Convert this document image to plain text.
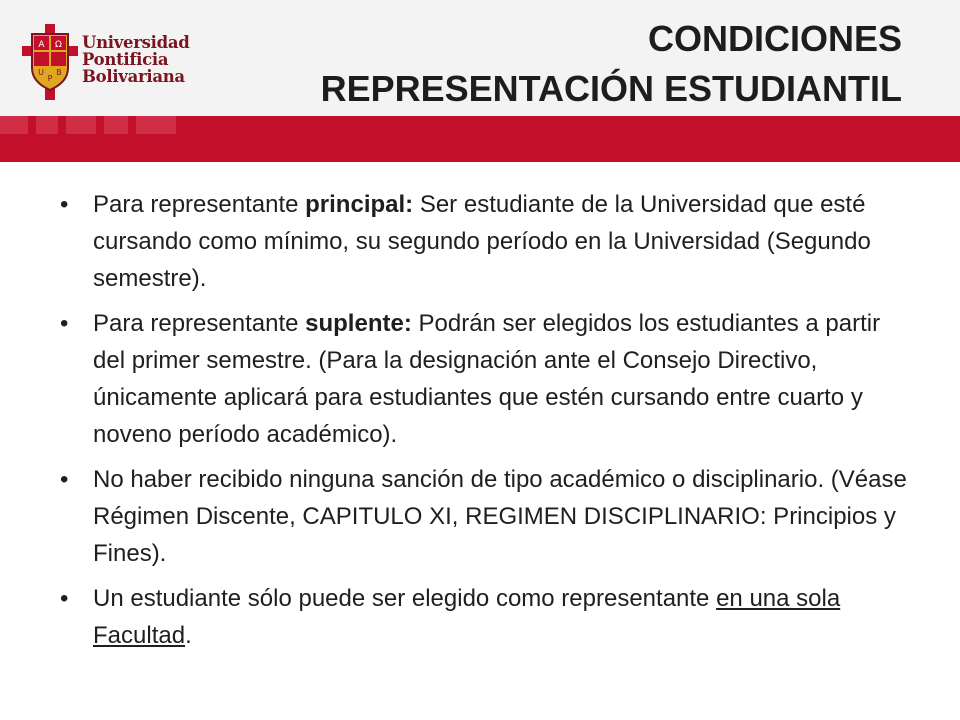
A Ω
U
P
B
Universidad
Pontificia
Bolivariana
CONDICIONES
REPRESENTACIÓN ESTUDIANTIL
• Para representante principal: Ser estudiante de la Universidad que esté cursando como mínimo, su segundo período en la Universidad (Segundo semestre).
• Para representante suplente: Podrán ser elegidos los estudiantes a partir del primer semestre. (Para la designación ante el Consejo Directivo, únicamente aplicará para estudiantes que estén cursando entre cuarto y noveno período académico).
• No haber recibido ninguna sanción de tipo académico o disciplinario. (Véase Régimen Discente, CAPITULO XI, REGIMEN DISCIPLINARIO: Principios y Fines).
• Un estudiante sólo puede ser elegido como representante en una sola Facultad.
